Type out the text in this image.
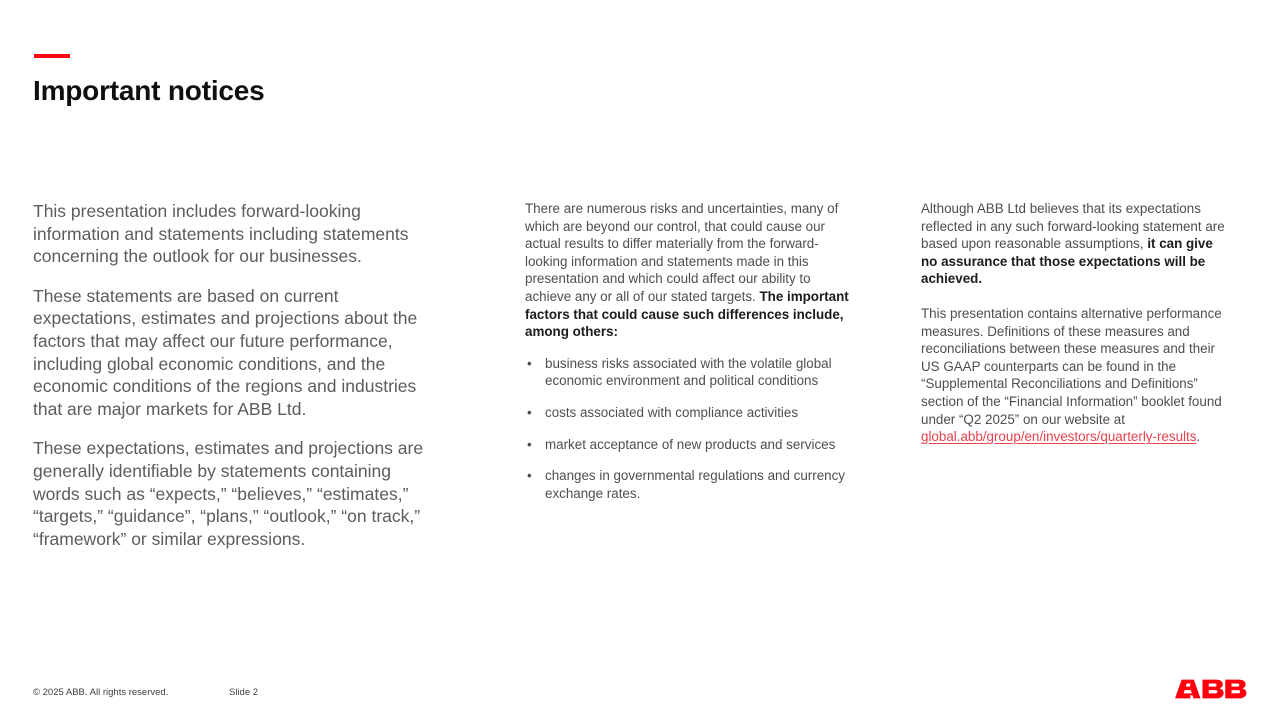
Important notices

This presentation includes forward-looking information and statements including statements concerning the outlook for our businesses.

These statements are based on current expectations, estimates and projections about the factors that may affect our future performance, including global economic conditions, and the economic conditions of the regions and industries that are major markets for ABB Ltd.

These expectations, estimates and projections are generally identifiable by statements containing words such as “expects,” “believes,” “estimates,” “targets,” “guidance”, “plans,” “outlook,” “on track,” “framework” or similar expressions.

There are numerous risks and uncertainties, many of which are beyond our control, that could cause our actual results to differ materially from the forward-looking information and statements made in this presentation and which could affect our ability to achieve any or all of our stated targets. The important factors that could cause such differences include, among others:

• business risks associated with the volatile global economic environment and political conditions
• costs associated with compliance activities
• market acceptance of new products and services
• changes in governmental regulations and currency exchange rates.

Although ABB Ltd believes that its expectations reflected in any such forward-looking statement are based upon reasonable assumptions, it can give no assurance that those expectations will be achieved.

This presentation contains alternative performance measures. Definitions of these measures and reconciliations between these measures and their US GAAP counterparts can be found in the “Supplemental Reconciliations and Definitions” section of the “Financial Information” booklet found under “Q2 2025” on our website at global.abb/group/en/investors/quarterly-results.

© 2025 ABB. All rights reserved.	Slide 2
